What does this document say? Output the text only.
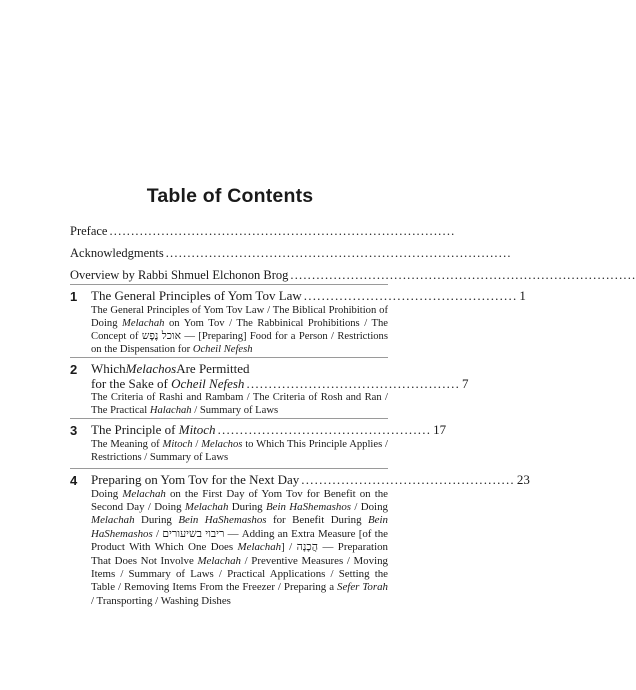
Table of Contents
Preface ................................................................................
Acknowledgments ................................................................................
Overview by Rabbi Shmuel Elchonon Brog ................................................................................
1 The General Principles of Yom Tov Law ................................................ 1
The General Principles of Yom Tov Law / The Biblical Prohibition of Doing Melachah on Yom Tov / The Rabbinical Prohibitions / The Concept of אוכל נֶפֶש — [Preparing] Food for a Person / Restrictions on the Dispensation for Ocheil Nefesh
2 Which Melachos Are Permitted
for the Sake of Ocheil Nefesh ................................................ 7
The Criteria of Rashi and Rambam / The Criteria of Rosh and Ran / The Practical Halachah / Summary of Laws
3 The Principle of Mitoch ................................................ 17
The Meaning of Mitoch / Melachos to Which This Principle Applies / Restrictions / Summary of Laws
4 Preparing on Yom Tov for the Next Day ................................................ 23
Doing Melachah on the First Day of Yom Tov for Benefit on the Second Day / Doing Melachah During Bein HaShemashos / Doing Melachah During Bein HaShemashos for Benefit During Bein HaShemashos / ריבוי בשיעורים — Adding an Extra Measure [of the Product With Which One Does Melachah] / הֲכָנָה — Preparation That Does Not Involve Melachah / Preventive Measures / Moving Items / Summary of Laws / Practical Applications / Setting the Table / Removing Items From the Freezer / Preparing a Sefer Torah / Transporting / Washing Dishes
